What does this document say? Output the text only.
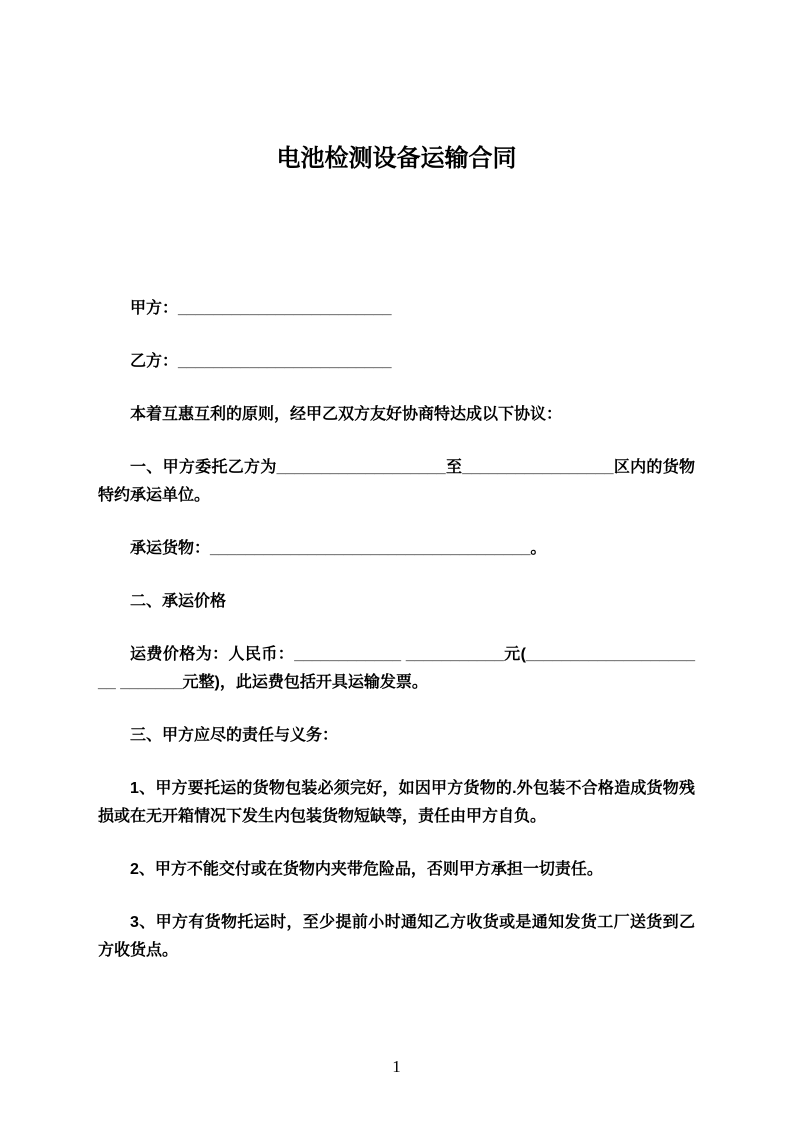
电池检测设备运输合同

甲方：________________________

乙方：________________________

本着互惠互利的原则，经甲乙双方友好协商特达成以下协议：

一、甲方委托乙方为___________________至_________________区内的货物特约承运单位。

承运货物：____________________________________。

二、承运价格

运费价格为：人民币：____________ ___________元(_____________________ _______元整)，此运费包括开具运输发票。

三、甲方应尽的责任与义务：

1、甲方要托运的货物包装必须完好，如因甲方货物的.外包装不合格造成货物残损或在无开箱情况下发生内包装货物短缺等，责任由甲方自负。

2、甲方不能交付或在货物内夹带危险品，否则甲方承担一切责任。

3、甲方有货物托运时，至少提前小时通知乙方收货或是通知发货工厂送货到乙方收货点。

1
